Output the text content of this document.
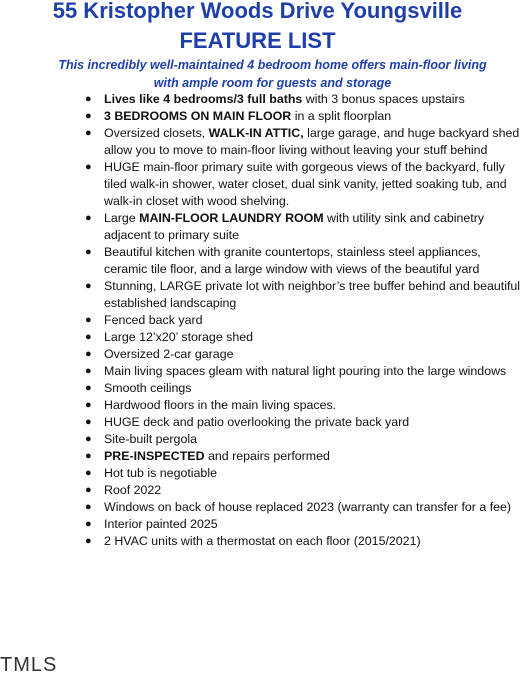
55 Kristopher Woods Drive Youngsville
FEATURE LIST

This incredibly well-maintained 4 bedroom home offers main-floor living

with ample room for guests and storage

● Lives like 4 bedrooms/3 full baths with 3 bonus spaces upstairs
● 3 BEDROOMS ON MAIN FLOOR in a split floorplan
● Oversized closets, WALK-IN ATTIC, large garage, and huge backyard shed allow you to move to main-floor living without leaving your stuff behind
● HUGE main-floor primary suite with gorgeous views of the backyard, fully tiled walk-in shower, water closet, dual sink vanity, jetted soaking tub, and walk-in closet with wood shelving.
● Large MAIN-FLOOR LAUNDRY ROOM with utility sink and cabinetry adjacent to primary suite
● Beautiful kitchen with granite countertops, stainless steel appliances, ceramic tile floor, and a large window with views of the beautiful yard
● Stunning, LARGE private lot with neighbor’s tree buffer behind and beautiful established landscaping
● Fenced back yard
● Large 12’x20’ storage shed
● Oversized 2-car garage
● Main living spaces gleam with natural light pouring into the large windows
● Smooth ceilings
● Hardwood floors in the main living spaces.
● HUGE deck and patio overlooking the private back yard
● Site-built pergola
● PRE-INSPECTED and repairs performed
● Hot tub is negotiable
● Roof 2022
● Windows on back of house replaced 2023 (warranty can transfer for a fee)
● Interior painted 2025
● 2 HVAC units with a thermostat on each floor (2015/2021)
TMLS
